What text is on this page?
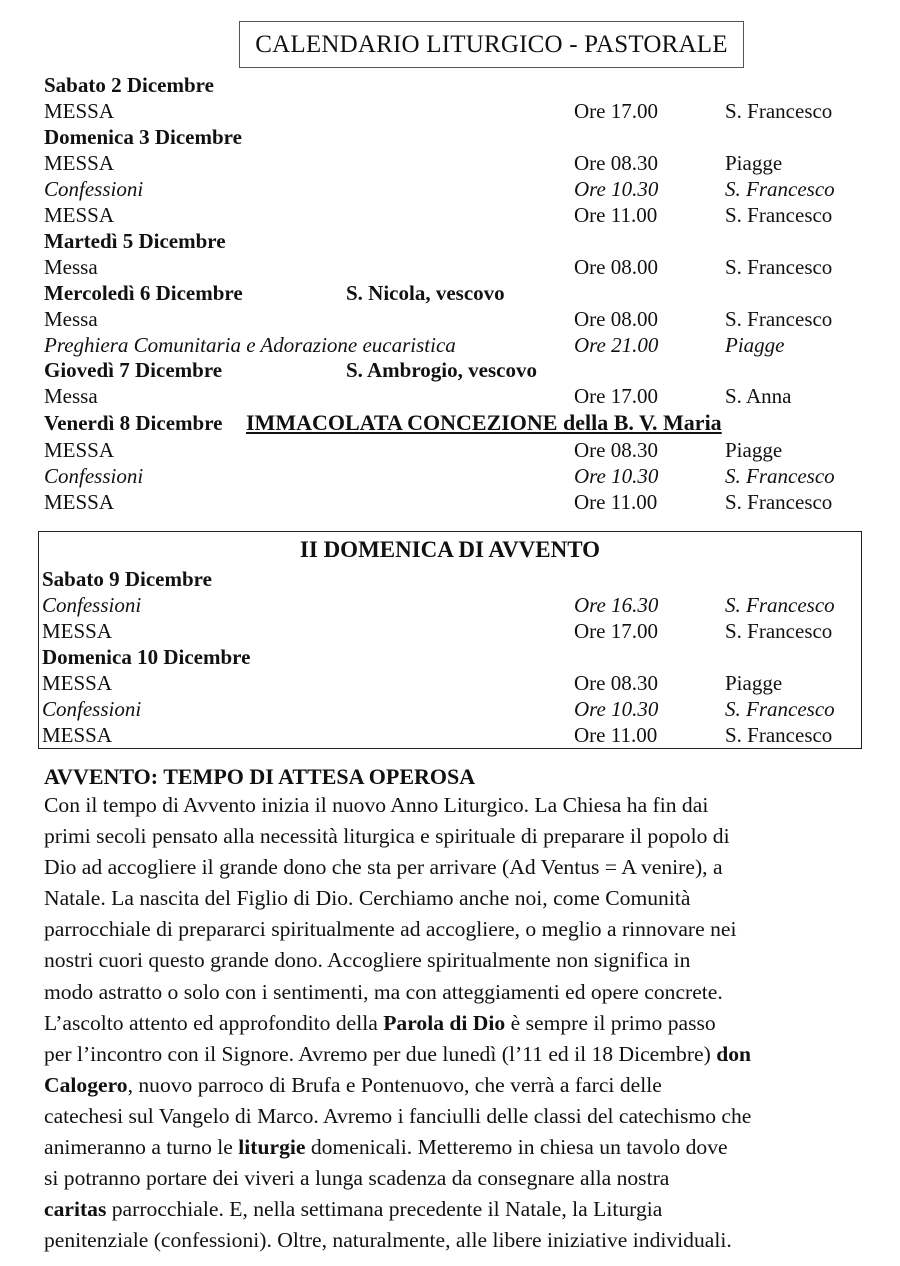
CALENDARIO LITURGICO - PASTORALE
Sabato 2 Dicembre
MESSA	Ore 17.00	S. Francesco
Domenica 3 Dicembre
MESSA	Ore 08.30	Piagge
Confessioni	Ore 10.30	S. Francesco
MESSA	Ore 11.00	S. Francesco
Martedì 5 Dicembre
Messa	Ore 08.00	S. Francesco
Mercoledì 6 Dicembre	S. Nicola, vescovo
Messa	Ore 08.00	S. Francesco
Preghiera Comunitaria e Adorazione eucaristica	Ore 21.00	Piagge
Giovedì 7 Dicembre	S. Ambrogio, vescovo
Messa	Ore 17.00	S. Anna
Venerdì 8 Dicembre IMMACOLATA CONCEZIONE della B. V. Maria
MESSA	Ore 08.30	Piagge
Confessioni	Ore 10.30	S. Francesco
MESSA	Ore 11.00	S. Francesco
II DOMENICA DI AVVENTO
Sabato 9 Dicembre
Confessioni	Ore 16.30	S. Francesco
MESSA	Ore 17.00	S. Francesco
Domenica 10 Dicembre
MESSA	Ore 08.30	Piagge
Confessioni	Ore 10.30	S. Francesco
MESSA	Ore 11.00	S. Francesco
AVVENTO: TEMPO DI ATTESA OPEROSA
Con il tempo di Avvento inizia il nuovo Anno Liturgico. La Chiesa ha fin dai
primi secoli pensato alla necessità liturgica e spirituale di preparare il popolo di
Dio ad accogliere il grande dono che sta per arrivare (Ad Ventus = A venire), a
Natale. La nascita del Figlio di Dio. Cerchiamo anche noi, come Comunità
parrocchiale di prepararci spiritualmente ad accogliere, o meglio a rinnovare nei
nostri cuori questo grande dono. Accogliere spiritualmente non significa in
modo astratto o solo con i sentimenti, ma con atteggiamenti ed opere concrete.
L’ascolto attento ed approfondito della Parola di Dio è sempre il primo passo
per l’incontro con il Signore. Avremo per due lunedì (l’11 ed il 18 Dicembre) don
Calogero, nuovo parroco di Brufa e Pontenuovo, che verrà a farci delle
catechesi sul Vangelo di Marco. Avremo i fanciulli delle classi del catechismo che
animeranno a turno le liturgie domenicali. Metteremo in chiesa un tavolo dove
si potranno portare dei viveri a lunga scadenza da consegnare alla nostra
caritas parrocchiale. E, nella settimana precedente il Natale, la Liturgia
penitenziale (confessioni). Oltre, naturalmente, alle libere iniziative individuali.
